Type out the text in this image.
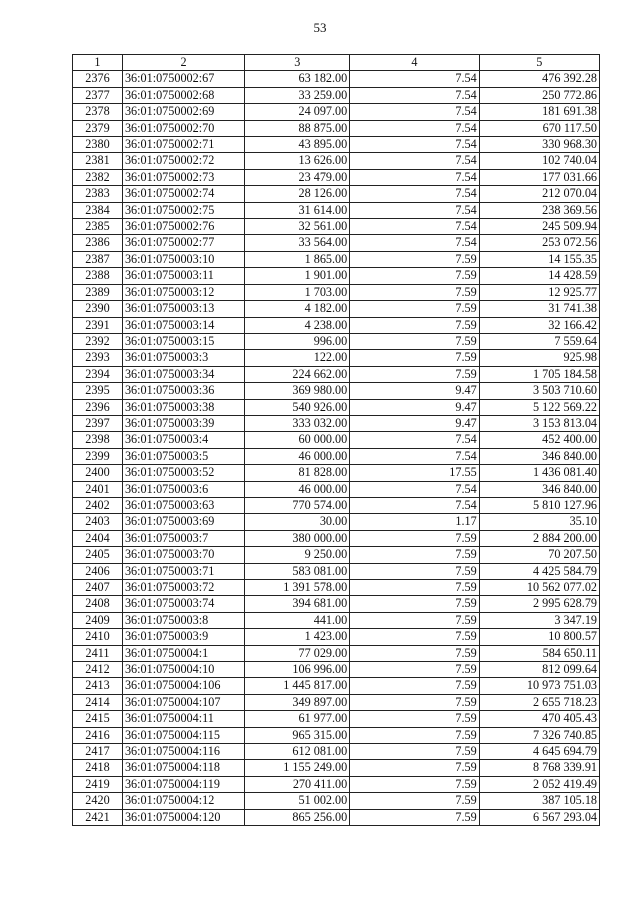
53
1	2	3	4	5
2376	36:01:0750002:67	63 182.00	7.54	476 392.28
2377	36:01:0750002:68	33 259.00	7.54	250 772.86
2378	36:01:0750002:69	24 097.00	7.54	181 691.38
2379	36:01:0750002:70	88 875.00	7.54	670 117.50
2380	36:01:0750002:71	43 895.00	7.54	330 968.30
2381	36:01:0750002:72	13 626.00	7.54	102 740.04
2382	36:01:0750002:73	23 479.00	7.54	177 031.66
2383	36:01:0750002:74	28 126.00	7.54	212 070.04
2384	36:01:0750002:75	31 614.00	7.54	238 369.56
2385	36:01:0750002:76	32 561.00	7.54	245 509.94
2386	36:01:0750002:77	33 564.00	7.54	253 072.56
2387	36:01:0750003:10	1 865.00	7.59	14 155.35
2388	36:01:0750003:11	1 901.00	7.59	14 428.59
2389	36:01:0750003:12	1 703.00	7.59	12 925.77
2390	36:01:0750003:13	4 182.00	7.59	31 741.38
2391	36:01:0750003:14	4 238.00	7.59	32 166.42
2392	36:01:0750003:15	996.00	7.59	7 559.64
2393	36:01:0750003:3	122.00	7.59	925.98
2394	36:01:0750003:34	224 662.00	7.59	1 705 184.58
2395	36:01:0750003:36	369 980.00	9.47	3 503 710.60
2396	36:01:0750003:38	540 926.00	9.47	5 122 569.22
2397	36:01:0750003:39	333 032.00	9.47	3 153 813.04
2398	36:01:0750003:4	60 000.00	7.54	452 400.00
2399	36:01:0750003:5	46 000.00	7.54	346 840.00
2400	36:01:0750003:52	81 828.00	17.55	1 436 081.40
2401	36:01:0750003:6	46 000.00	7.54	346 840.00
2402	36:01:0750003:63	770 574.00	7.54	5 810 127.96
2403	36:01:0750003:69	30.00	1.17	35.10
2404	36:01:0750003:7	380 000.00	7.59	2 884 200.00
2405	36:01:0750003:70	9 250.00	7.59	70 207.50
2406	36:01:0750003:71	583 081.00	7.59	4 425 584.79
2407	36:01:0750003:72	1 391 578.00	7.59	10 562 077.02
2408	36:01:0750003:74	394 681.00	7.59	2 995 628.79
2409	36:01:0750003:8	441.00	7.59	3 347.19
2410	36:01:0750003:9	1 423.00	7.59	10 800.57
2411	36:01:0750004:1	77 029.00	7.59	584 650.11
2412	36:01:0750004:10	106 996.00	7.59	812 099.64
2413	36:01:0750004:106	1 445 817.00	7.59	10 973 751.03
2414	36:01:0750004:107	349 897.00	7.59	2 655 718.23
2415	36:01:0750004:11	61 977.00	7.59	470 405.43
2416	36:01:0750004:115	965 315.00	7.59	7 326 740.85
2417	36:01:0750004:116	612 081.00	7.59	4 645 694.79
2418	36:01:0750004:118	1 155 249.00	7.59	8 768 339.91
2419	36:01:0750004:119	270 411.00	7.59	2 052 419.49
2420	36:01:0750004:12	51 002.00	7.59	387 105.18
2421	36:01:0750004:120	865 256.00	7.59	6 567 293.04
